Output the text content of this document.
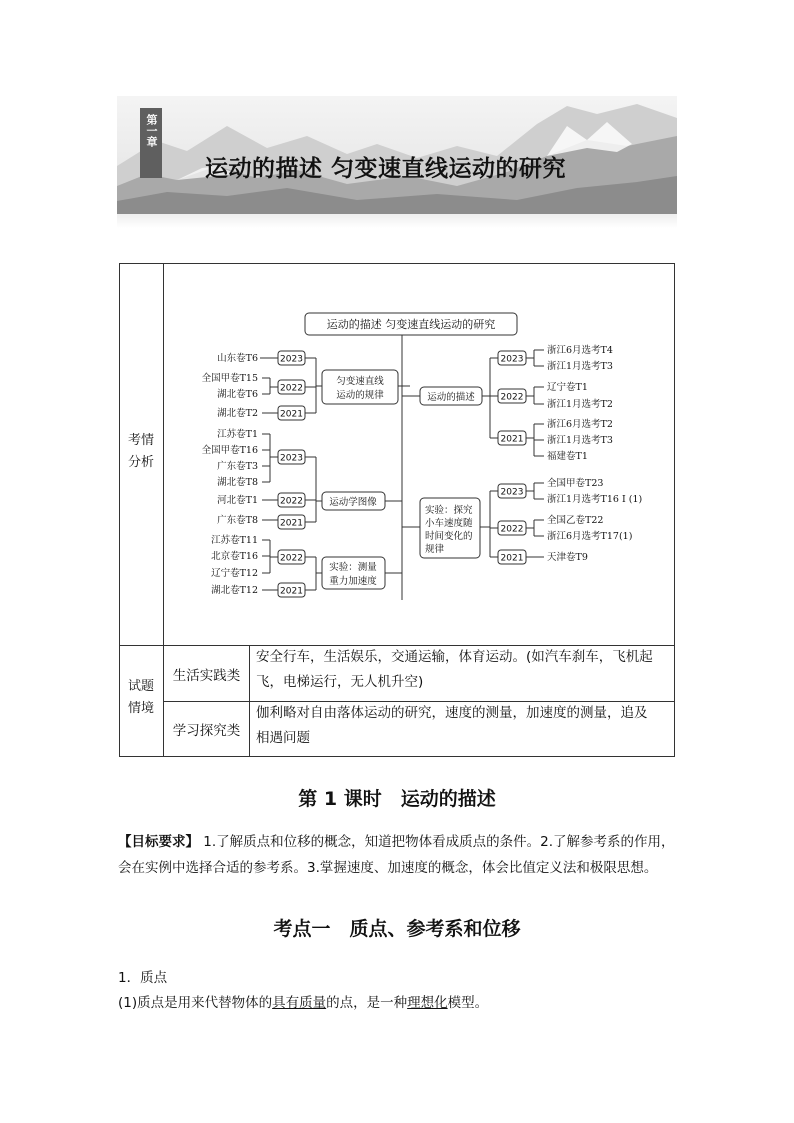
第一章
运动的描述 匀变速直线运动的研究
考情
分析
试题
情境
生活实践类
安全行车，生活娱乐，交通运输，体育运动。(如汽车刹车，飞机起
飞，电梯运行，无人机升空)
学习探究类
伽利略对自由落体运动的研究，速度的测量，加速度的测量，追及
相遇问题
运动的描述 匀变速直线运动的研究
匀变速直线
运动的规律
运动学图像
实验：测量
重力加速度
运动的描述
实验：探究
小车速度随
时间变化的
规律
2023
2022
2021
2023
2022
2021
2022
2021
2023
2022
2021
2023
2022
2021
山东卷T6
全国甲卷T15
湖北卷T6
湖北卷T2
江苏卷T1
全国甲卷T16
广东卷T3
湖北卷T8
河北卷T1
广东卷T8
江苏卷T11
北京卷T16
辽宁卷T12
湖北卷T12
浙江6月选考T4
浙江1月选考T3
辽宁卷T1
浙江1月选考T2
浙江6月选考T2
浙江1月选考T3
福建卷T1
全国甲卷T23
浙江1月选考T16 Ⅰ (1)
全国乙卷T22
浙江6月选考T17(1)
天津卷T9
第 1 课时　运动的描述
【目标要求】 1.了解质点和位移的概念，知道把物体看成质点的条件。2.了解参考系的作用，
会在实例中选择合适的参考系。3.掌握速度、加速度的概念，体会比值定义法和极限思想。
考点一　质点、参考系和位移
1．质点
(1)质点是用来代替物体的具有质量的点，是一种理想化模型。
